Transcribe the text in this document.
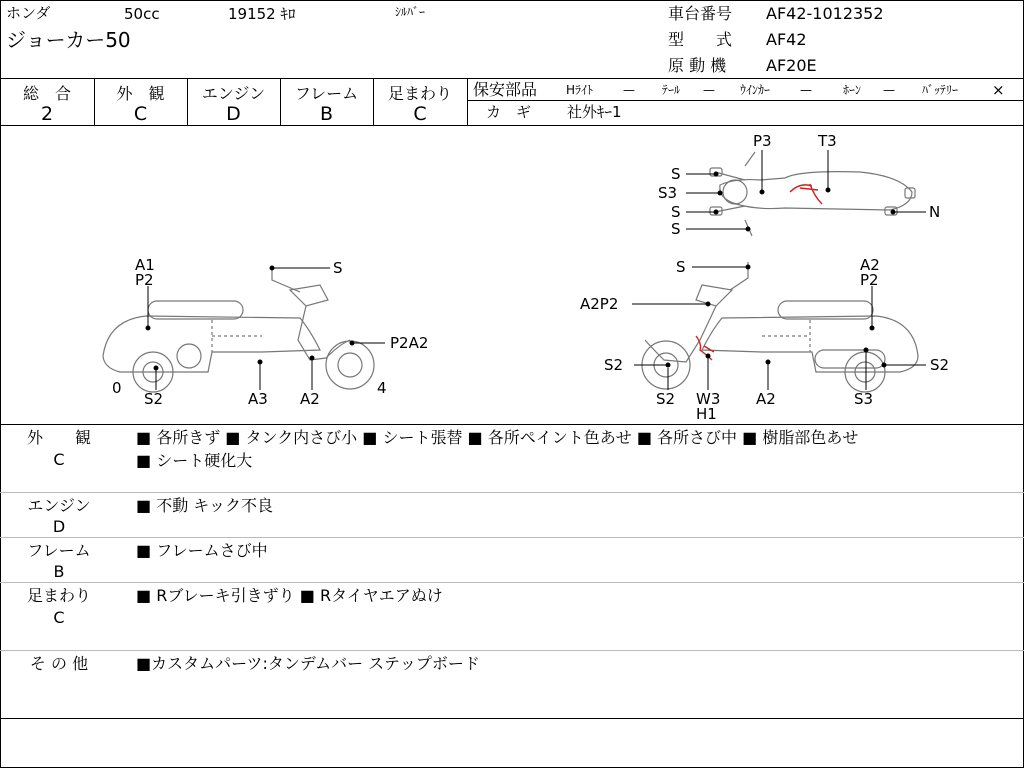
ホンダ	50cc	19152 ｷﾛ	ｼﾙﾊﾞｰ
ジョーカー50
車台番号 AF42-1012352
型　　式 AF42
原 動 機 AF20E
総　合
2
外　観
C
エンジン
D
フレーム
B
足まわり
C
保安部品 Hﾗｲﾄ — ﾃｰﾙ — ｳｲﾝｶｰ —	ﾎｰﾝ — ﾊﾞｯﾃﾘｰ ×
カ　ギ 社外ｷｰ1
A1
P2
S
P2A2
0	4
S2	A3 A2
P3	T3
S
S3
S
S
N
S	A2
P2
A2P2
S2	S2
S2 W3
H1
A2	S3
外　　観
C
■ 各所きず ■ タンク内さび小 ■ シート張替 ■ 各所ペイント色あせ ■ 各所さび中 ■ 樹脂部色あせ
■ シート硬化大
エンジン
D
■ 不動 キック不良
フレーム
B
■ フレームさび中
足まわり
C
■ Rブレーキ引きずり ■ Rタイヤエアぬけ
そ の 他	■カスタムパーツ:タンデムバー ステップボード
